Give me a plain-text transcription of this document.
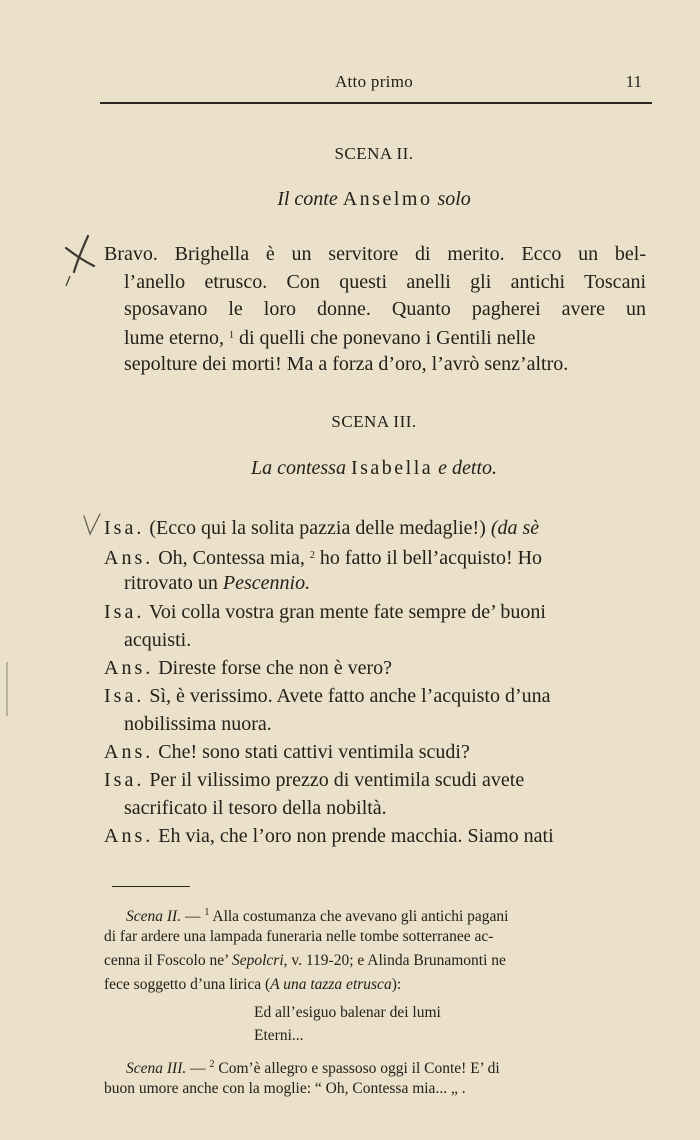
Atto primo	11
SCENA II.
Il conte Anselmo solo
Bravo. Brighella è un servitore di merito. Ecco un bel-
l’anello etrusco. Con questi anelli gli antichi Toscani
sposavano le loro donne. Quanto pagherei avere un
lume eterno, $^1$ di quelli che ponevano i Gentili nelle
sepolture dei morti! Ma a forza d’oro, l’avrò senz’altro.
SCENA III.
La contessa Isabella e detto.
Isa. (Ecco qui la solita pazzia delle medaglie!) (da sè
Ans. Oh, Contessa mia, $^2$ ho fatto il bell’acquisto! Ho
ritrovato un Pescennio.
Isa. Voi colla vostra gran mente fate sempre de’ buoni
acquisti.
Ans. Direste forse che non è vero?
Isa. Sì, è verissimo. Avete fatto anche l’acquisto d’una
nobilissima nuora.
Ans. Che! sono stati cattivi ventimila scudi?
Isa. Per il vilissimo prezzo di ventimila scudi avete
sacrificato il tesoro della nobiltà.
Ans. Eh via, che l’oro non prende macchia. Siamo nati
Scena II. — $^1$ Alla costumanza che avevano gli antichi pagani
di far ardere una lampada funeraria nelle tombe sotterranee ac-
cenna il Foscolo ne’ Sepolcri, v. 119-20; e Alinda Brunamonti ne
fece soggetto d’una lirica (A una tazza etrusca):
Ed all’esiguo balenar dei lumi
Eterni...
Scena III. — $^2$ Com’è allegro e spassoso oggi il Conte! E’ di
buon umore anche con la moglie: “ Oh, Contessa mia... „ .
